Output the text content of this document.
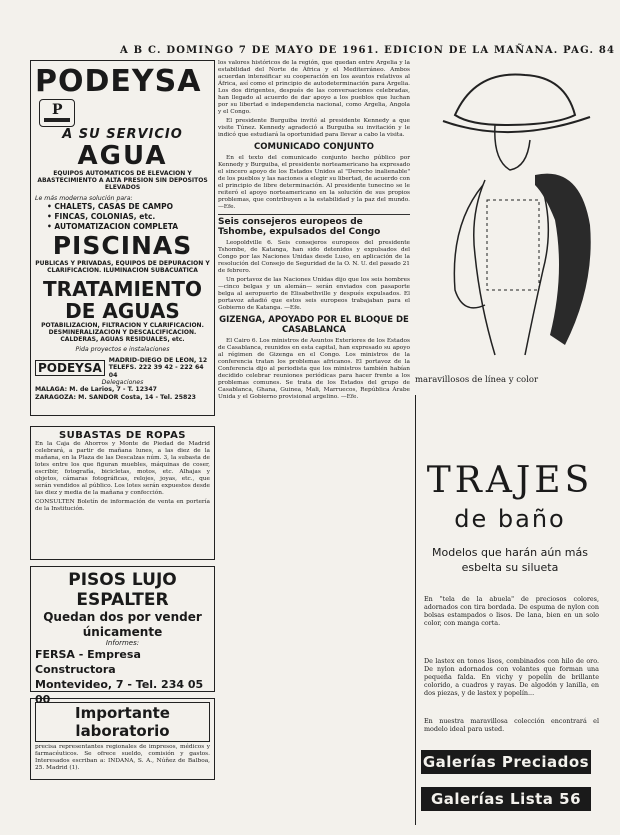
A B C. DOMINGO 7 DE MAYO DE 1961. EDICION DE LA MAÑANA. PAG. 84
PODEYSA
P
A SU SERVICIO
AGUA
EQUIPOS AUTOMATICOS DE ELEVACION Y ABASTECIMIENTO A ALTA PRESION SIN DEPOSITOS ELEVADOS
Le más moderna solución para:
• CHALETS, CASAS DE CAMPO
• FINCAS, COLONIAS, etc.
• AUTOMATIZACION COMPLETA
PISCINAS
PUBLICAS Y PRIVADAS, EQUIPOS DE DEPURACION Y CLARIFICACION. ILUMINACION SUBACUATICA
TRATAMIENTO DE AGUAS
POTABILIZACION, FILTRACION Y CLARIFICACION. DESMINERALIZACION Y DESCALCIFICACION. CALDERAS, AGUAS RESIDUALES, etc.
Pida proyectos e instalaciones
PODEYSA
MADRID-DIEGO DE LEON, 12 TELEFS. 222 39 42 - 222 64 04
Delegaciones
MALAGA: M. de Larios, 7 - T. 12347
ZARAGOZA: M. SANDOR Costa, 14 - Tel. 25823
SUBASTAS DE ROPAS
En la Caja de Ahorros y Monte de Piedad de Madrid celebrará, a partir de mañana lunes, a las diez de la mañana, en la Plaza de las Descalzas núm. 3, la subasta de lotes entre los que figuran muebles, máquinas de coser, escribir, fotografía, bicicletas, motos, etc. Alhajas y objetos, cámaras fotográficas, relojes, joyas, etc., que serán vendidos al público. Los lotes serán expuestos desde las diez y media de la mañana y confección.
CONSULTEN Boletín de información de venta en portería de la Institución.
PISOS LUJO ESPALTER
Quedan dos por vender
únicamente
Informes:
FERSA - Empresa Constructora
Montevideo, 7 - Tel. 234 05 00
Importante laboratorio
precisa representantes regionales de impresos, médicos y farmacéuticos. Se ofrece sueldo, comisión y gastos. Interesados escriban a: INDANA, S. A., Núñez de Balboa, 25. Madrid (1).
los valores históricos de la región, que quedan entre Argelia y la estabilidad del Norte de África y el Mediterráneo. Ambos acuerdan intensificar su cooperación en los asuntos relativos al África, así como el principio de autodeterminación para Argelia. Los dos dirigentes, después de las conversaciones celebradas, han llegado al acuerdo de dar apoyo a los pueblos que luchan por su libertad e independencia nacional, como Argelia, Angola y el Congo.
El presidente Burguiba invitó al presidente Kennedy a que visite Túnez. Kennedy agradeció a Burguiba su invitación y le indicó que estudiará la oportunidad para llevar a cabo la visita.
COMUNICADO CONJUNTO
En el texto del comunicado conjunto hecho público por Kennedy y Burguiba, el presidente norteamericano ha expresado el sincero apoyo de los Estados Unidos al "Derecho inalienable" de los pueblos y las naciones a elegir su libertad, de acuerdo con el principio de libre determinación. Al presidente tunecino se le reiteró el apoyo norteamericano en la solución de sus propios problemas, que contribuyen a la estabilidad y la paz del mundo. —Efe.
Seis consejeros europeos de Tshombe, expulsados del Congo
Leopoldville 6. Seis consejeros europeos del presidente Tshombe, de Katanga, han sido detenidos y expulsados del Congo por las Naciones Unidas desde Luso, en aplicación de la resolución del Consejo de Seguridad de la O. N. U. del pasado 21 de febrero.
Un portavoz de las Naciones Unidas dijo que los seis hombres —cinco belgas y un alemán— serán enviados con pasaporte belga al aeropuerto de Elisabethville y después expulsados. El portavoz añadió que estos seis europeos trabajaban para el Gobierno de Katanga. —Efe.
GIZENGA, APOYADO POR EL BLOQUE DE CASABLANCA
El Cairo 6. Los ministros de Asuntos Exteriores de los Estados de Casablanca, reunidos en esta capital, han expresado su apoyo al régimen de Gizenga en el Congo. Los ministros de la conferencia tratan los problemas africanos. El portavoz de la Conferencia dijo al periodista que los ministros también habían decidido celebrar reuniones periódicas para hacer frente a los problemas comunes. Se trata de los Estados del grupo de Casablanca, Ghana, Guinea, Mali, Marruecos, República Árabe Unida y el Gobierno provisional argelino. —Efe.
maravillosos de línea y color
TRAJES
de baño
Modelos que harán aún más esbelta su silueta
En "tela de la abuela" de preciosos colores, adornados con tira bordada. De espuma de nylon con bolsas estampados o lisos. De lana, bien en un solo color, con manga corta.
De lastex en tonos lisos, combinados con hilo de oro. De nylon adornados con volantes que forman una pequeña falda. En vichy y popelín de brillante colorido, a cuadros y rayas. De algodón y lanilla, en dos piezas, y de lastex y popelín...
En nuestra maravillosa colección encontrará el modelo ideal para usted.
Galerías Preciados
Galerías Lista 56
